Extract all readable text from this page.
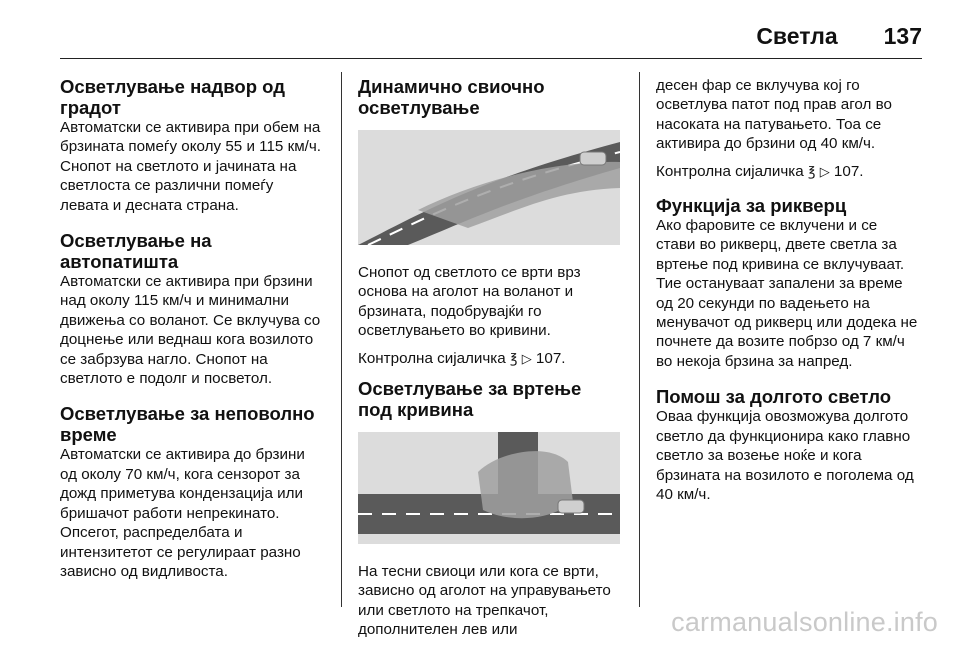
Светла 137
Осветлување надвор од градот

Автоматски се активира при обем на брзината помеѓу околу 55 и 115 км/ч. Снопот на светлото и јачината на светлоста се различни помеѓу левата и десната страна.

Осветлување на автопатишта

Автоматски се активира при брзини над околу 115 км/ч и минимални движења со воланот. Се вклучува со доцнење или веднаш кога возилото се забрзува нагло. Снопот на светлото е подолг и посветол.

Осветлување за неповолно време

Автоматски се активира до брзини од околу 70 км/ч, кога сензорот за дожд приметува кондензација или бришачот работи непрекинато. Опсегот, распределбата и интензитетот се регулираат разно зависно од видливоста.

Динамично свиочно осветлување

Снопот од светлото се врти врз основа на аголот на воланот и брзината, подобрувајќи го осветлувањето во кривини.

Контролна сијаличка ℥ ▷ 107.

Осветлување за вртење под кривина

На тесни свиоци или кога се врти, зависно од аголот на управувањето или светлото на трепкачот, дополнителен лев или

десен фар се вклучува кој го осветлува патот под прав агол во насоката на патувањето. Тоа се активира до брзини од 40 км/ч.

Контролна сијаличка ℥ ▷ 107.

Функција за рикверц

Ако фаровите се вклучени и се стави во рикверц, двете светла за вртење под кривина се вклучуваат. Тие остануваат запалени за време од 20 секунди по вадењето на менувачот од рикверц или додека не почнете да возите побрзо од 7 км/ч во некоја брзина за напред.

Помош за долгото светло

Оваа функција овозможува долгото светло да функционира како главно светло за возење ноќе и кога брзината на возилото е поголема од 40 км/ч.

carmanualsonline.info
